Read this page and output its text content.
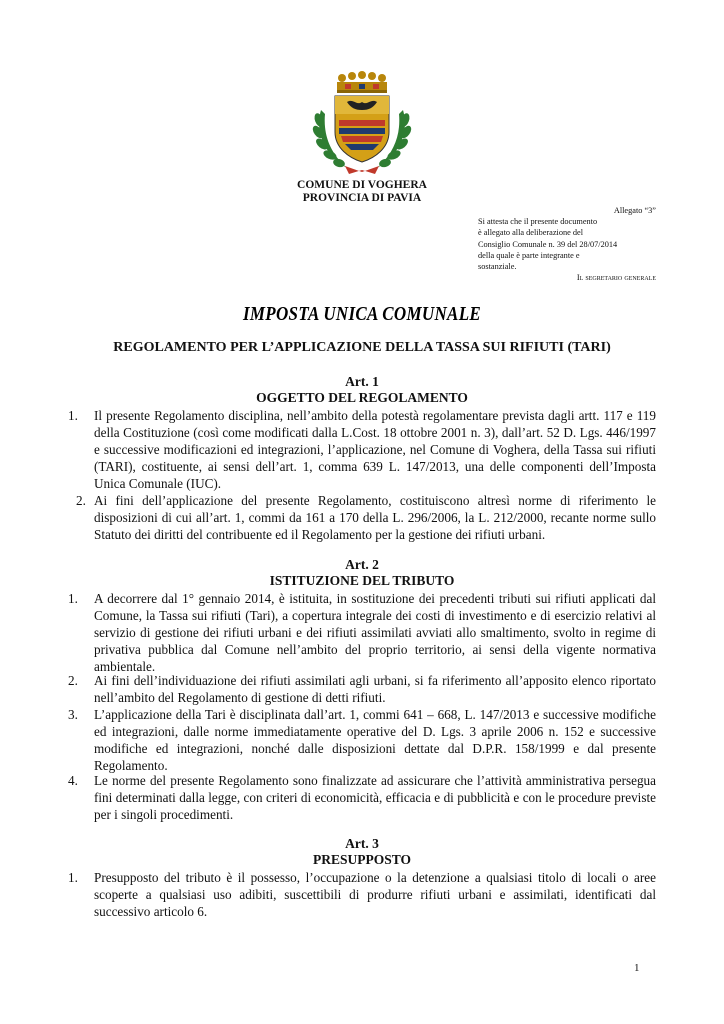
COMUNE DI VOGHERA
PROVINCIA DI PAVIA
Allegato “3”
Si attesta che il presente documento
è allegato alla deliberazione del
Consiglio Comunale n. 39 del 28/07/2014
della quale è parte integrante e
sostanziale.
Il segretario generale
IMPOSTA UNICA COMUNALE
REGOLAMENTO PER L’APPLICAZIONE DELLA TASSA SUI RIFIUTI (TARI)
Art. 1
OGGETTO DEL REGOLAMENTO
1. Il presente Regolamento disciplina, nell’ambito della potestà regolamentare prevista dagli artt. 117 e 119 della Costituzione (così come modificati dalla L.Cost. 18 ottobre 2001 n. 3), dall’art. 52 D. Lgs. 446/1997 e successive modificazioni ed integrazioni, l’applicazione, nel Comune di Voghera, della Tassa sui rifiuti (TARI), costituente, ai sensi dell’art. 1, comma 639 L. 147/2013, una delle componenti dell’Imposta Unica Comunale (IUC).
2. Ai fini dell’applicazione del presente Regolamento, costituiscono altresì norme di riferimento le disposizioni di cui all’art. 1, commi da 161 a 170 della L. 296/2006, la L. 212/2000, recante norme sullo Statuto dei diritti del contribuente ed il Regolamento per la gestione dei rifiuti urbani.
Art. 2
ISTITUZIONE DEL TRIBUTO
1. A decorrere dal 1° gennaio 2014, è istituita, in sostituzione dei precedenti tributi sui rifiuti applicati dal Comune, la Tassa sui rifiuti (Tari), a copertura integrale dei costi di investimento e di esercizio relativi al servizio di gestione dei rifiuti urbani e dei rifiuti assimilati avviati allo smaltimento, svolto in regime di privativa pubblica dal Comune nell’ambito del proprio territorio, ai sensi della vigente normativa ambientale.
2. Ai fini dell’individuazione dei rifiuti assimilati agli urbani, si fa riferimento all’apposito elenco riportato nell’ambito del Regolamento di gestione di detti rifiuti.
3. L’applicazione della Tari è disciplinata dall’art. 1, commi 641 – 668, L. 147/2013 e successive modifiche ed integrazioni, dalle norme immediatamente operative del D. Lgs. 3 aprile 2006 n. 152 e successive modifiche ed integrazioni, nonché dalle disposizioni dettate dal D.P.R. 158/1999 e dal presente Regolamento.
4. Le norme del presente Regolamento sono finalizzate ad assicurare che l’attività amministrativa persegua fini determinati dalla legge, con criteri di economicità, efficacia e di pubblicità e con le procedure previste per i singoli procedimenti.
Art. 3
PRESUPPOSTO
1. Presupposto del tributo è il possesso, l’occupazione o la detenzione a qualsiasi titolo di locali o aree scoperte a qualsiasi uso adibiti, suscettibili di produrre rifiuti urbani e assimilati, identificati dal successivo articolo 6.
1
